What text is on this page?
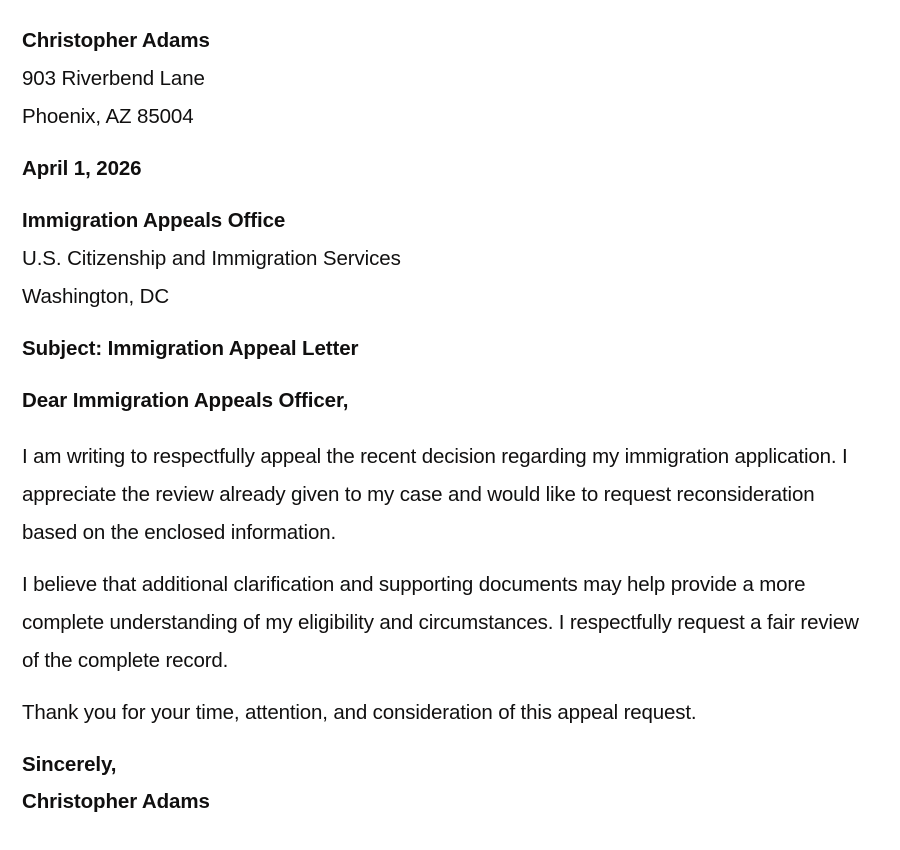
Christopher Adams
903 Riverbend Lane
Phoenix, AZ 85004
April 1, 2026
Immigration Appeals Office
U.S. Citizenship and Immigration Services
Washington, DC
Subject: Immigration Appeal Letter
Dear Immigration Appeals Officer,

I am writing to respectfully appeal the recent decision regarding my immigration application. I appreciate the review already given to my case and would like to request reconsideration based on the enclosed information.

I believe that additional clarification and supporting documents may help provide a more complete understanding of my eligibility and circumstances. I respectfully request a fair review of the complete record.

Thank you for your time, attention, and consideration of this appeal request.

Sincerely,
Christopher Adams
